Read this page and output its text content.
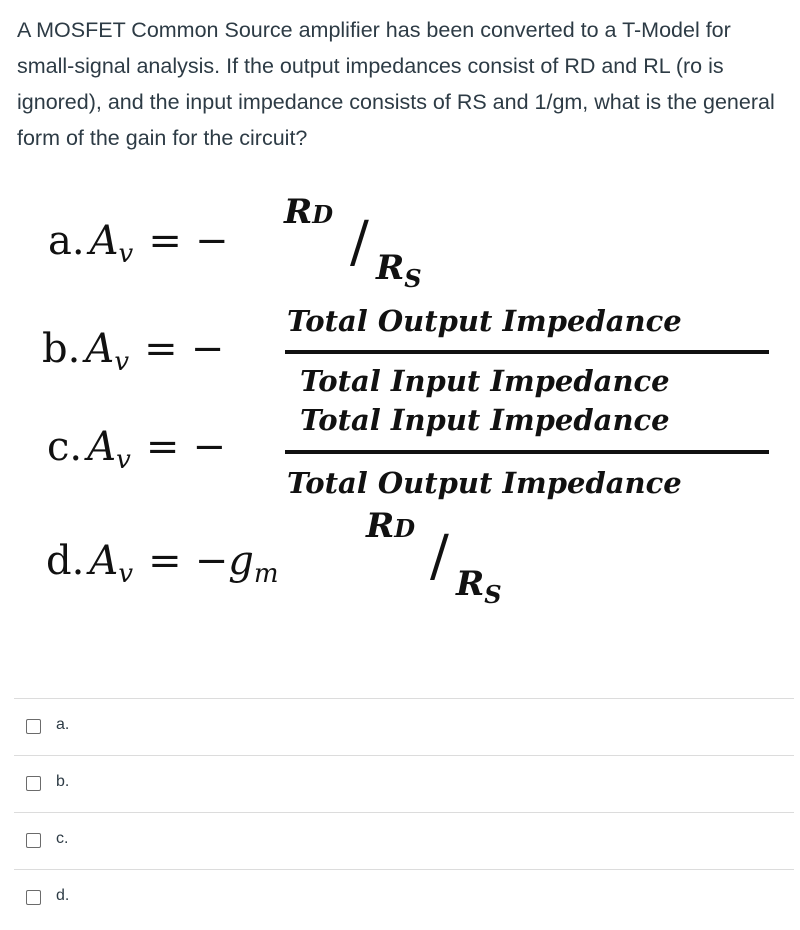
A MOSFET Common Source amplifier has been converted to a T-Model for small-signal analysis. If the output impedances consist of RD and RL (ro is ignored), and the input impedance consists of RS and 1/gm, what is the general form of the gain for the circuit?
a. Av = −
RD / RS
b. Av = −
Total Output Impedance
Total Input Impedance
c. Av = −
Total Input Impedance
Total Output Impedance
d. Av = −gm
RD / RS
a.
b.
c.
d.
